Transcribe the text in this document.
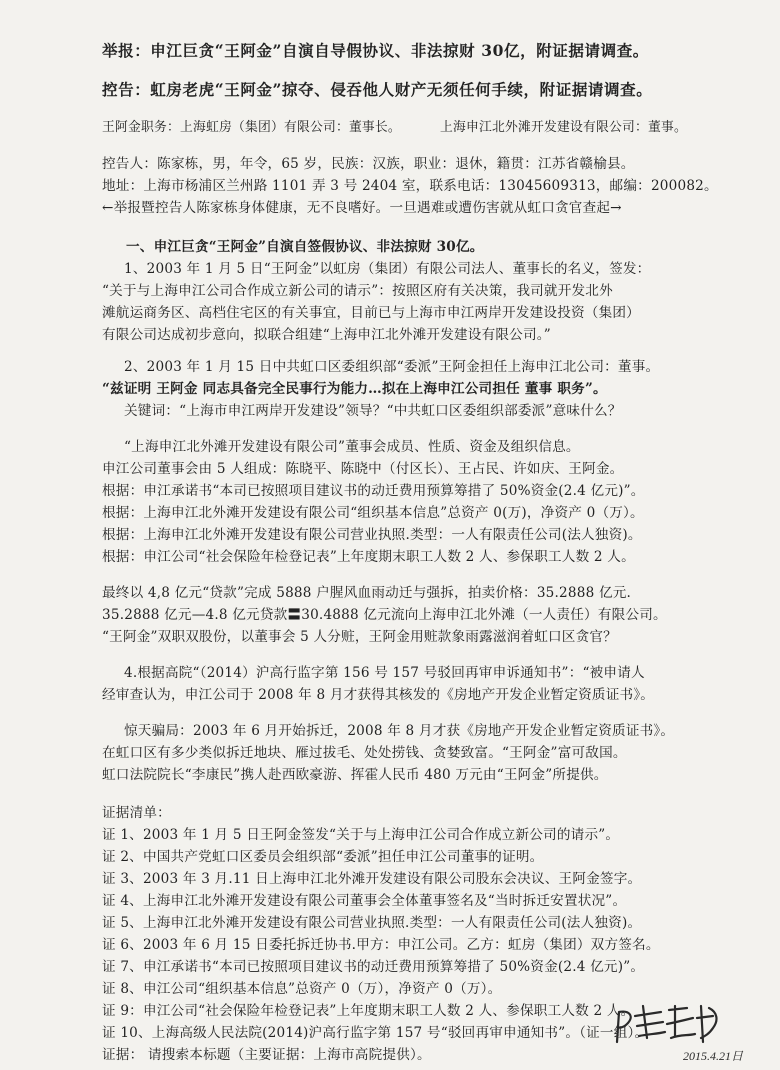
举报：申江巨贪“王阿金”自演自导假协议、非法掠财 30亿，附证据请调查。
控告：虹房老虎“王阿金”掠夺、侵吞他人财产无须任何手续，附证据请调查。
王阿金职务：上海虹房（集团）有限公司：董事长。	上海申江北外滩开发建设有限公司：董事。
控告人：陈家栋，男，年令，65 岁，民族：汉族，职业：退休，籍贯：江苏省赣榆县。
地址：上海市杨浦区兰州路 1101 弄 3 号 2404 室，联系电话：13045609313，邮编：200082。
←举报暨控告人陈家栋身体健康，无不良嗜好。一旦遇难或遭伤害就从虹口贪官查起→
一、申江巨贪“王阿金”自演自签假协议、非法掠财 30亿。
1、2003 年 1 月 5 日“王阿金”以虹房（集团）有限公司法人、董事长的名义，签发：
“关于与上海申江公司合作成立新公司的请示”：按照区府有关决策，我司就开发北外
滩航运商务区、高档住宅区的有关事宜，目前已与上海市申江两岸开发建设投资（集团）
有限公司达成初步意向，拟联合组建“上海申江北外滩开发建设有限公司。”
2、2003 年 1 月 15 日中共虹口区委组织部“委派”王阿金担任上海申江北公司：董事。
“兹证明 王阿金 同志具备完全民事行为能力…拟在上海申江公司担任 董事 职务”。
关键词：“上海市申江两岸开发建设”领导？“中共虹口区委组织部委派”意味什么？
“上海申江北外滩开发建设有限公司”董事会成员、性质、资金及组织信息。
申江公司董事会由 5 人组成：陈晓平、陈晓中（付区长）、王占民、许如庆、王阿金。
根据：申江承诺书“本司已按照项目建议书的动迁费用预算筹措了 50%资金(2.4 亿元)”。
根据：上海申江北外滩开发建设有限公司“组织基本信息”总资产 0(万)，净资产 0（万）。
根据：上海申江北外滩开发建设有限公司营业执照.类型：一人有限责任公司(法人独资)。
根据：申江公司“社会保险年检登记表”上年度期末职工人数 2 人、参保职工人数 2 人。
最终以 4,8 亿元“贷款”完成 5888 户腥风血雨动迁与强拆，拍卖价格：35.2888 亿元.
35.2888 亿元—4.8 亿元贷款〓30.4888 亿元流向上海申江北外滩（一人责任）有限公司。
“王阿金”双职双股份，以董事会 5 人分赃，王阿金用赃款象雨露滋润着虹口区贪官？
4.根据高院“（2014）沪高行监字第 156 号 157 号驳回再审申诉通知书”：“被申请人
经审查认为，申江公司于 2008 年 8 月才获得其核发的《房地产开发企业暂定资质证书》。
惊天骗局：2003 年 6 月开始拆迁，2008 年 8 月才获《房地产开发企业暂定资质证书》。
在虹口区有多少类似拆迁地块、雁过拔毛、处处捞钱、贪婪致富。“王阿金”富可敌国。
虹口法院院长“李康民”携人赴西欧豪游、挥霍人民币 480 万元由“王阿金”所提供。
证据清单：
证 1、2003 年 1 月 5 日王阿金签发“关于与上海申江公司合作成立新公司的请示”。
证 2、中国共产党虹口区委员会组织部“委派”担任申江公司董事的证明。
证 3、2003 年 3 月.11 日上海申江北外滩开发建设有限公司股东会决议、王阿金签字。
证 4、上海申江北外滩开发建设有限公司董事会全体董事签名及“当时拆迁安置状况”。
证 5、上海申江北外滩开发建设有限公司营业执照.类型：一人有限责任公司(法人独资)。
证 6、2003 年 6 月 15 日委托拆迁协书.甲方：申江公司。乙方：虹房（集团）双方签名。
证 7、申江承诺书“本司已按照项目建议书的动迁费用预算筹措了 50%资金(2.4 亿元)”。
证 8、申江公司“组织基本信息”总资产 0（万），净资产 0（万）。
证 9：申江公司“社会保险年检登记表”上年度期末职工人数 2 人、参保职工人数 2 人。
证 10、上海高级人民法院(2014)沪高行监字第 157 号“驳回再审申通知书”。（证一组）。
证据： 请搜索本标题（主要证据：上海市高院提供）。	2015.4.21日
